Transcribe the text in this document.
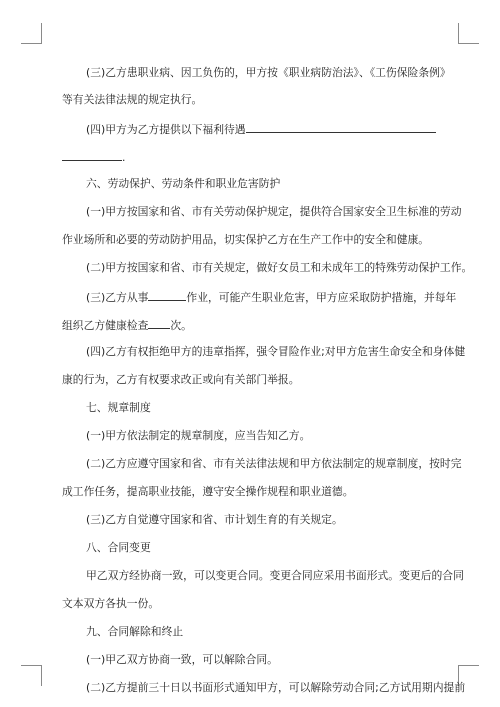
(三)乙方患职业病、因工负伤的，甲方按《职业病防治法》、《工伤保险条例》
等有关法律法规的规定执行。
(四)甲方为乙方提供以下福利待遇
.
六、劳动保护、劳动条件和职业危害防护
(一)甲方按国家和省、市有关劳动保护规定，提供符合国家安全卫生标准的劳动
作业场所和必要的劳动防护用品，切实保护乙方在生产工作中的安全和健康。
(二)甲方按国家和省、市有关规定，做好女员工和未成年工的特殊劳动保护工作。
(三)乙方从事	作业，可能产生职业危害，甲方应采取防护措施，并每年
组织乙方健康检查 次。
(四)乙方有权拒绝甲方的违章指挥，强令冒险作业;对甲方危害生命安全和身体健
康的行为，乙方有权要求改正或向有关部门举报。
七、规章制度
(一)甲方依法制定的规章制度，应当告知乙方。
(二)乙方应遵守国家和省、市有关法律法规和甲方依法制定的规章制度，按时完
成工作任务，提高职业技能，遵守安全操作规程和职业道德。
(三)乙方自觉遵守国家和省、市计划生育的有关规定。
八、合同变更
甲乙双方经协商一致，可以变更合同。变更合同应采用书面形式。变更后的合同
文本双方各执一份。
九、合同解除和终止
(一)甲乙双方协商一致，可以解除合同。
(二)乙方提前三十日以书面形式通知甲方，可以解除劳动合同;乙方试用期内提前
